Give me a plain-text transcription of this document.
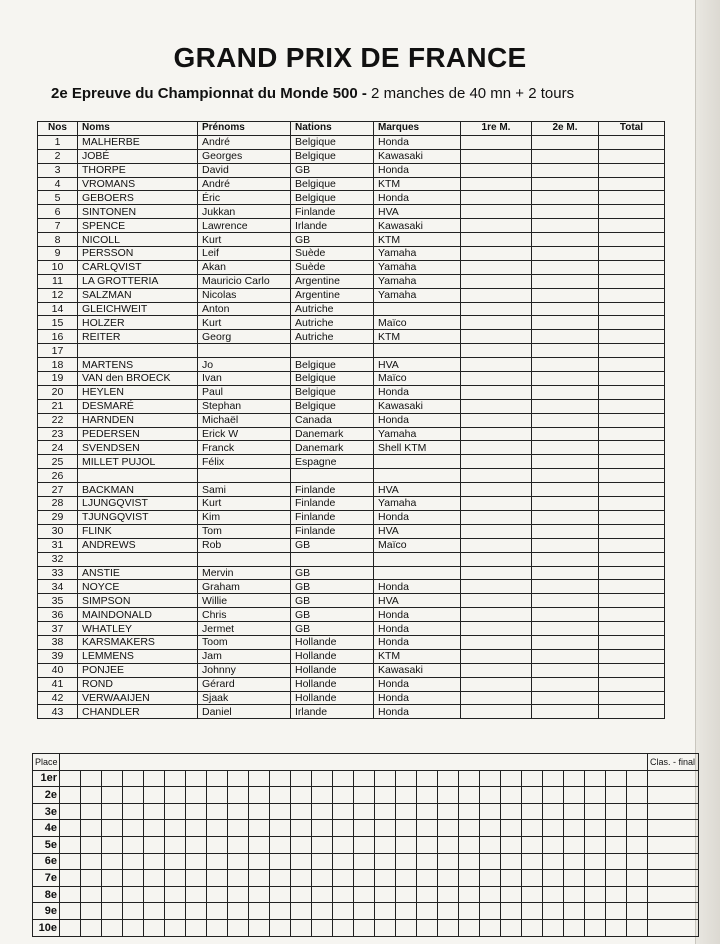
GRAND PRIX DE FRANCE
2e Epreuve du Championnat du Monde 500 - 2 manches de 40 mn + 2 tours
Nos	Noms	Prénoms	Nations	Marques	1re M.	2e M.	Total
1	MALHERBE	André	Belgique	Honda			
2	JOBÉ	Georges	Belgique	Kawasaki			
3	THORPE	David	GB	Honda			
4	VROMANS	André	Belgique	KTM			
5	GEBOERS	Éric	Belgique	Honda			
6	SINTONEN	Jukkan	Finlande	HVA			
7	SPENCE	Lawrence	Irlande	Kawasaki			
8	NICOLL	Kurt	GB	KTM			
9	PERSSON	Leif	Suède	Yamaha			
10	CARLQVIST	Akan	Suède	Yamaha			
11	LA GROTTERIA	Mauricio Carlo	Argentine	Yamaha			
12	SALZMAN	Nicolas	Argentine	Yamaha			
14	GLEICHWEIT	Anton	Autriche				
15	HOLZER	Kurt	Autriche	Maïco			
16	REITER	Georg	Autriche	KTM			
17							
18	MARTENS	Jo	Belgique	HVA			
19	VAN den BROECK	Ivan	Belgique	Maïco			
20	HEYLEN	Paul	Belgique	Honda			
21	DESMARÉ	Stephan	Belgique	Kawasaki			
22	HARNDEN	Michaël	Canada	Honda			
23	PEDERSEN	Erick W	Danemark	Yamaha			
24	SVENDSEN	Franck	Danemark	Shell KTM			
25	MILLET PUJOL	Félix	Espagne				
26							
27	BACKMAN	Sami	Finlande	HVA			
28	LJUNGQVIST	Kurt	Finlande	Yamaha			
29	TJUNGQVIST	Kim	Finlande	Honda			
30	FLINK	Tom	Finlande	HVA			
31	ANDREWS	Rob	GB	Maïco			
32							
33	ANSTIE	Mervin	GB				
34	NOYCE	Graham	GB	Honda			
35	SIMPSON	Willie	GB	HVA			
36	MAINDONALD	Chris	GB	Honda			
37	WHATLEY	Jermet	GB	Honda			
38	KARSMAKERS	Toom	Hollande	Honda			
39	LEMMENS	Jam	Hollande	KTM			
40	PONJEE	Johnny	Hollande	Kawasaki			
41	ROND	Gérard	Hollande	Honda			
42	VERWAAIJEN	Sjaak	Hollande	Honda			
43	CHANDLER	Daniel	Irlande	Honda			
Place																													Clas. - final
1er																													
2e																													
3e																													
4e																													
5e																													
6e																													
7e																													
8e																													
9e																													
10e																													
